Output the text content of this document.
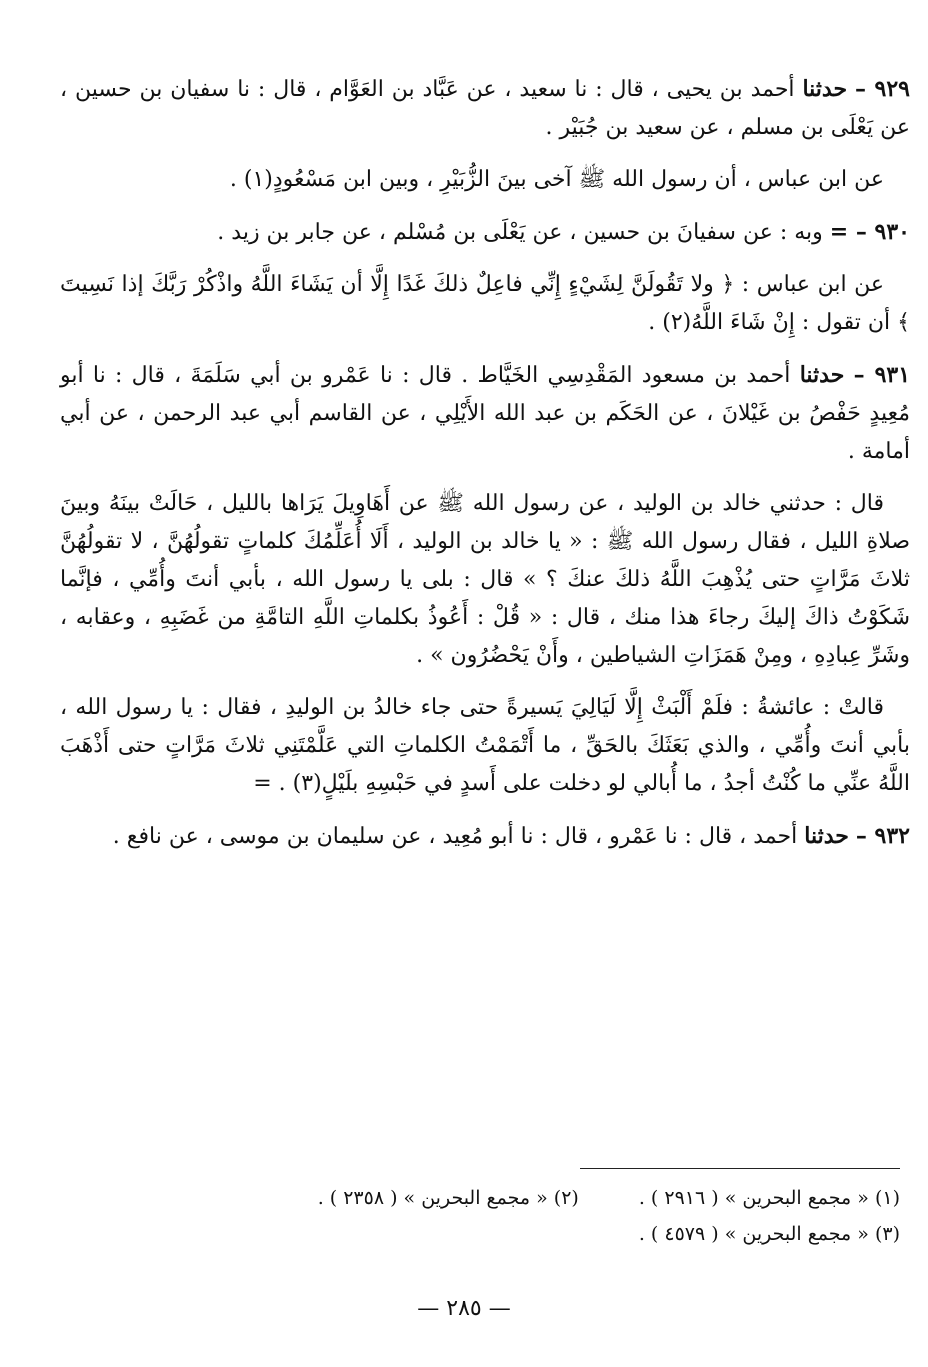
٩٢٩ – حدثنا أحمد بن يحيى ، قال : نا سعيد ، عن عَبَّاد بن العَوَّام ، قال : نا سفيان بن حسين ، عن يَعْلَى بن مسلم ، عن سعيد بن جُبَيْر .

عن ابن عباس ، أن رسول الله ﷺ آخى بينَ الزُّبَيْرِ ، وبين ابن مَسْعُودٍ(١) .

٩٣٠ – = وبه : عن سفيانَ بن حسين ، عن يَعْلَى بن مُسْلم ، عن جابر بن زيد .

عن ابن عباس : ﴿ ولا تَقُولَنَّ لِشَيْءٍ إِنِّي فاعِلٌ ذلكَ غَدًا إِلَّا أن يَشَاءَ اللَّهُ واذْكُرْ رَبَّكَ إذا نَسِيتَ ﴾ أن تقول : إِنْ شَاءَ اللَّهُ(٢) .

٩٣١ – حدثنا أحمد بن مسعود المَقْدِسِي الخَيَّاط . قال : نا عَمْرو بن أبي سَلَمَةَ ، قال : نا أبو مُعِيدٍ حَفْصُ بن غَيْلانَ ، عن الحَكَم بن عبد الله الأَيْلِي ، عن القاسم أبي عبد الرحمن ، عن أبي أمامة .

قال : حدثني خالد بن الوليد ، عن رسول الله ﷺ عن أَهَاوِيلَ يَرَاها بالليل ، حَالَتْ بينَهُ وبينَ صلاةِ الليل ، فقال رسول الله ﷺ : « يا خالد بن الوليد ، أَلَا أُعَلِّمُكَ كلماتٍ تقولُهُنَّ ، لا تقولُهُنَّ ثلاثَ مَرَّاتٍ حتى يُذْهِبَ اللَّهُ ذلكَ عنكَ ؟ » قال : بلى يا رسول الله ، بأبي أنتَ وأُمِّي ، فإنَّما شَكَوْتُ ذاكَ إليكَ رجاءَ هذا منك ، قال : « قُلْ : أَعُوذُ بكلماتِ اللَّهِ التامَّةِ من غَضَبِهِ ، وعقابه ، وشَرِّ عِبادِهِ ، ومِنْ هَمَزَاتِ الشياطين ، وأَنْ يَحْضُرُون » .

قالتْ : عائشةُ : فلَمْ أَلْبَثْ إِلَّا لَيَالِيَ يَسيرةً حتى جاء خالدُ بن الوليدِ ، فقال : يا رسول الله ، بأبي أنتَ وأُمِّي ، والذي بَعَثَكَ بالحَقِّ ، ما أَتْمَمْتُ الكلماتِ التي عَلَّمْتَنِي ثلاثَ مَرَّاتٍ حتى أَذْهَبَ اللَّهُ عنِّي ما كُنْتُ أجدُ ، ما أُبالي لو دخلت على أَسدٍ في حَبْسِهِ بلَيْلٍ(٣) . =

٩٣٢ – حدثنا أحمد ، قال : نا عَمْرو ، قال : نا أبو مُعِيد ، عن سليمان بن موسى ، عن نافع .

(١) « مجمع البحرين » ( ٢٩١٦ ) .
(٢) « مجمع البحرين » ( ٢٣٥٨ ) .
(٣) « مجمع البحرين » ( ٤٥٧٩ ) .
— ٢٨٥ —
